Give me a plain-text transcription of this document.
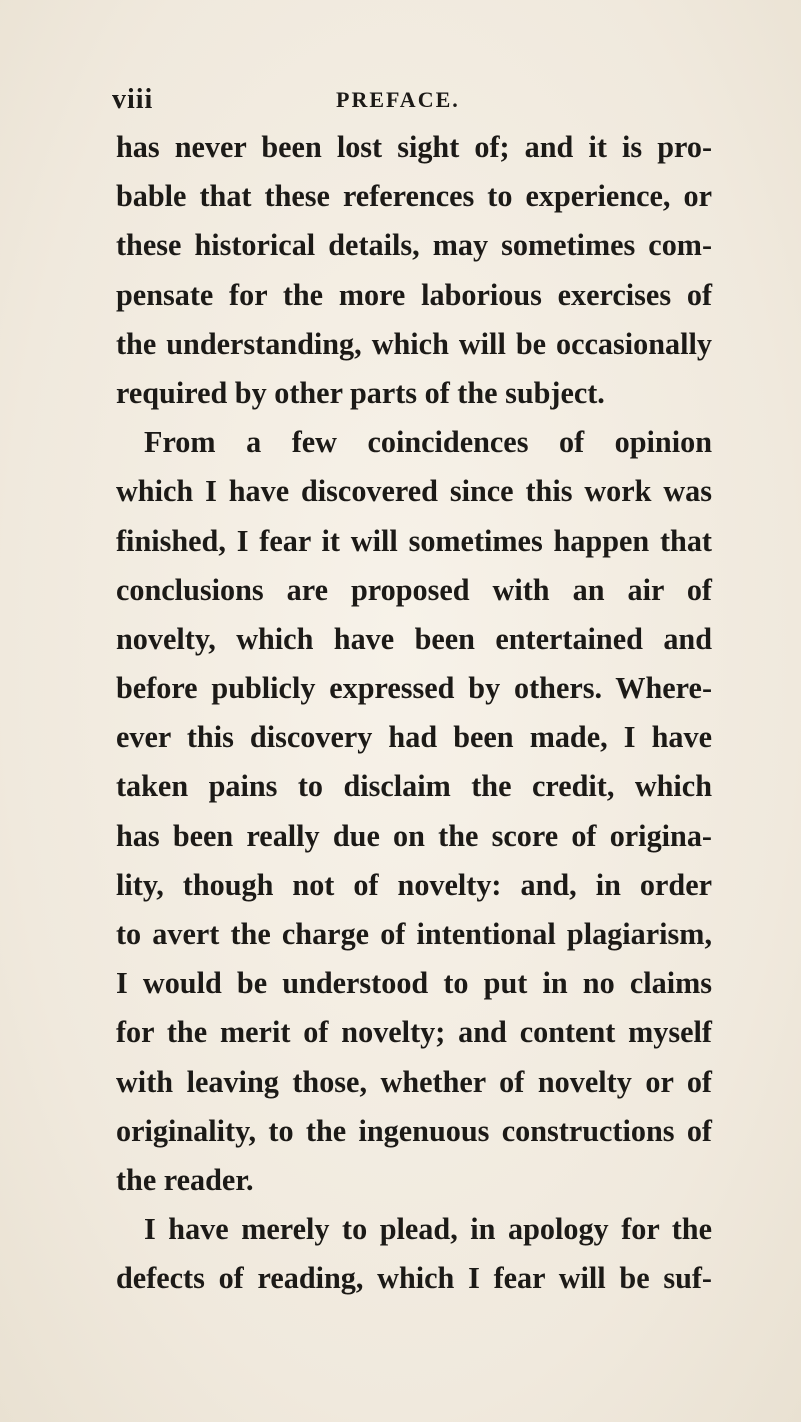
viii	PREFACE.
has never been lost sight of; and it is pro-
bable that these references to experience, or
these historical details, may sometimes com-
pensate for the more laborious exercises of
the understanding, which will be occasionally
required by other parts of the subject.
From a few coincidences of opinion
which I have discovered since this work was
finished, I fear it will sometimes happen that
conclusions are proposed with an air of
novelty, which have been entertained and
before publicly expressed by others. Where-
ever this discovery had been made, I have
taken pains to disclaim the credit, which
has been really due on the score of origina-
lity, though not of novelty: and, in order
to avert the charge of intentional plagiarism,
I would be understood to put in no claims
for the merit of novelty; and content myself
with leaving those, whether of novelty or of
originality, to the ingenuous constructions of
the reader.
I have merely to plead, in apology for the
defects of reading, which I fear will be suf-
